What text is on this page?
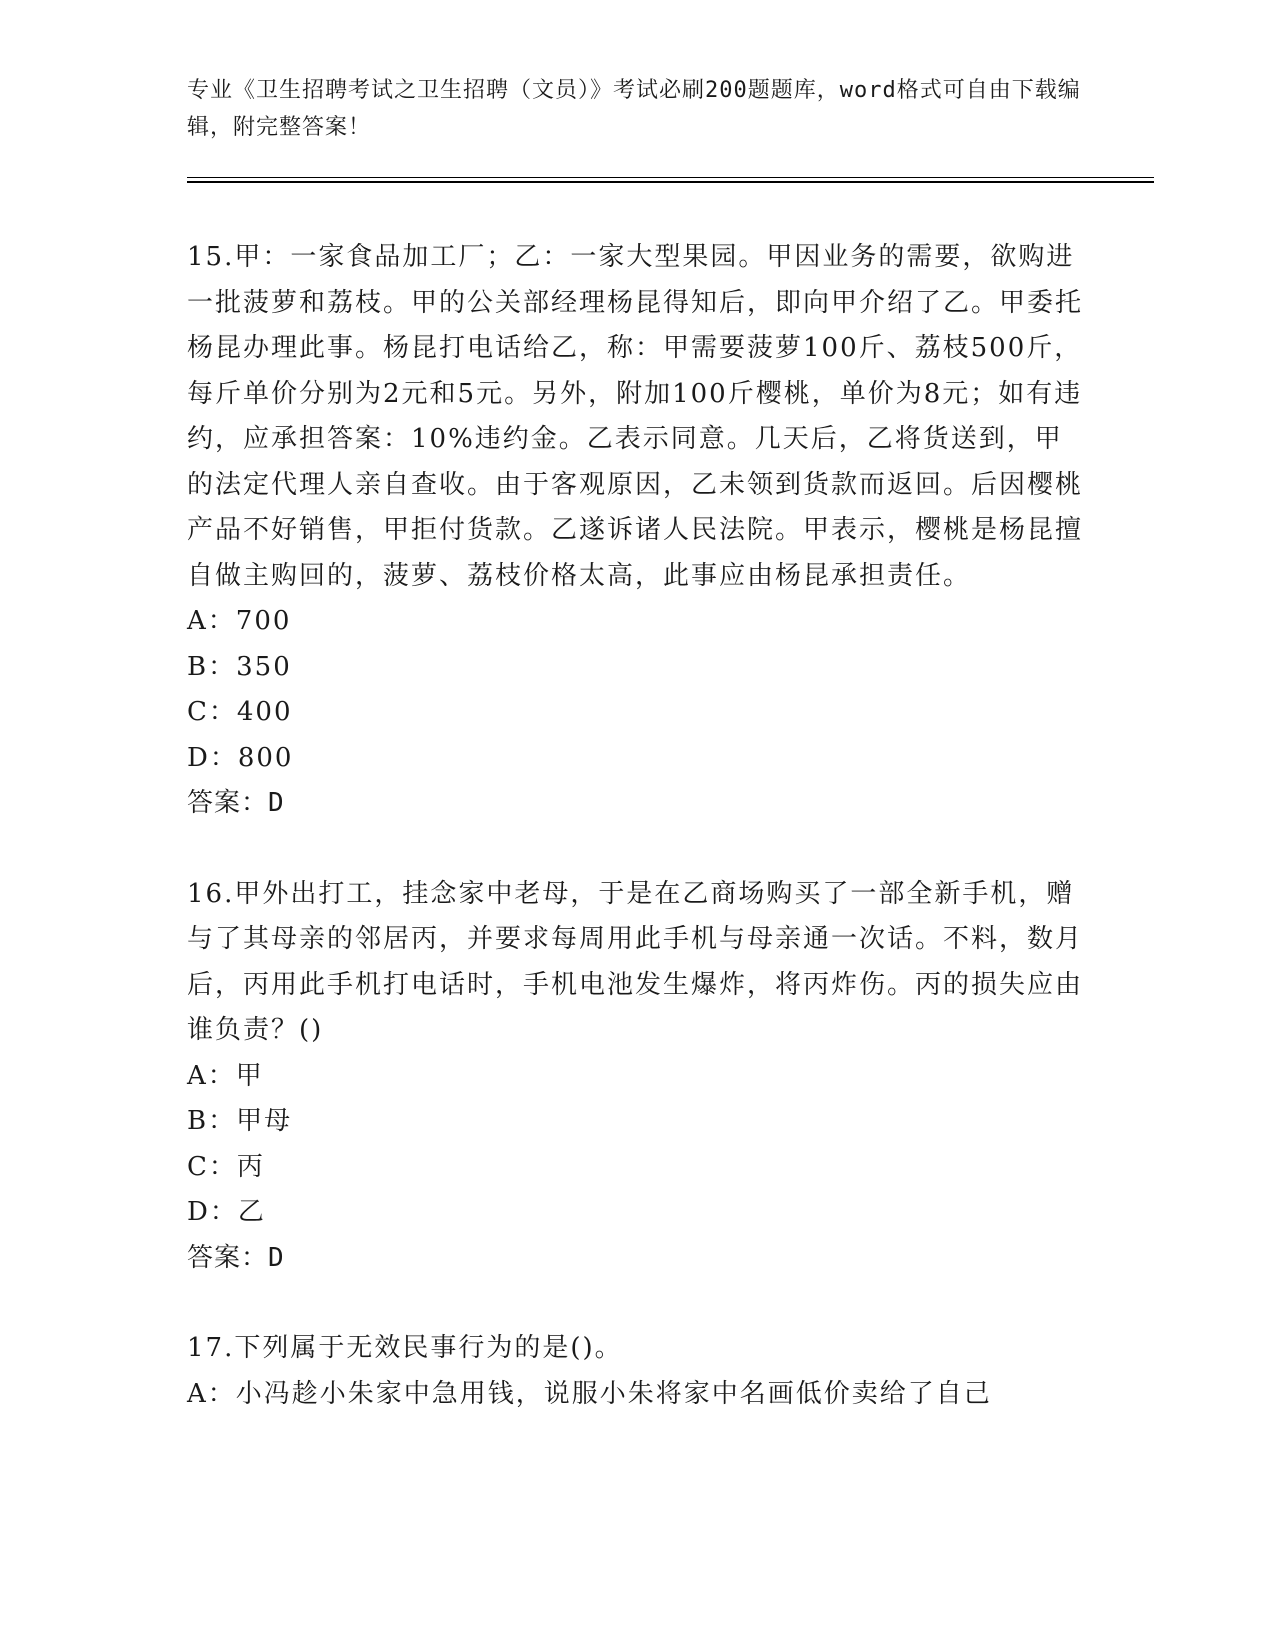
专业《卫生招聘考试之卫生招聘（文员）》考试必刷200题题库，word格式可自由下载编辑，附完整答案！

15.甲：一家食品加工厂；乙：一家大型果园。甲因业务的需要，欲购进一批菠萝和荔枝。甲的公关部经理杨昆得知后，即向甲介绍了乙。甲委托杨昆办理此事。杨昆打电话给乙，称：甲需要菠萝100斤、荔枝500斤，每斤单价分别为2元和5元。另外，附加100斤樱桃，单价为8元；如有违约，应承担答案：10%违约金。乙表示同意。几天后，乙将货送到，甲的法定代理人亲自查收。由于客观原因，乙未领到货款而返回。后因樱桃产品不好销售，甲拒付货款。乙遂诉诸人民法院。甲表示，樱桃是杨昆擅自做主购回的，菠萝、荔枝价格太高，此事应由杨昆承担责任。

A：700

B：350

C：400

D：800

答案：D

16.甲外出打工，挂念家中老母，于是在乙商场购买了一部全新手机，赠与了其母亲的邻居丙，并要求每周用此手机与母亲通一次话。不料，数月后，丙用此手机打电话时，手机电池发生爆炸，将丙炸伤。丙的损失应由谁负责？()

A：甲

B：甲母

C：丙

D：乙

答案：D

17.下列属于无效民事行为的是()。

A：小冯趁小朱家中急用钱，说服小朱将家中名画低价卖给了自己
